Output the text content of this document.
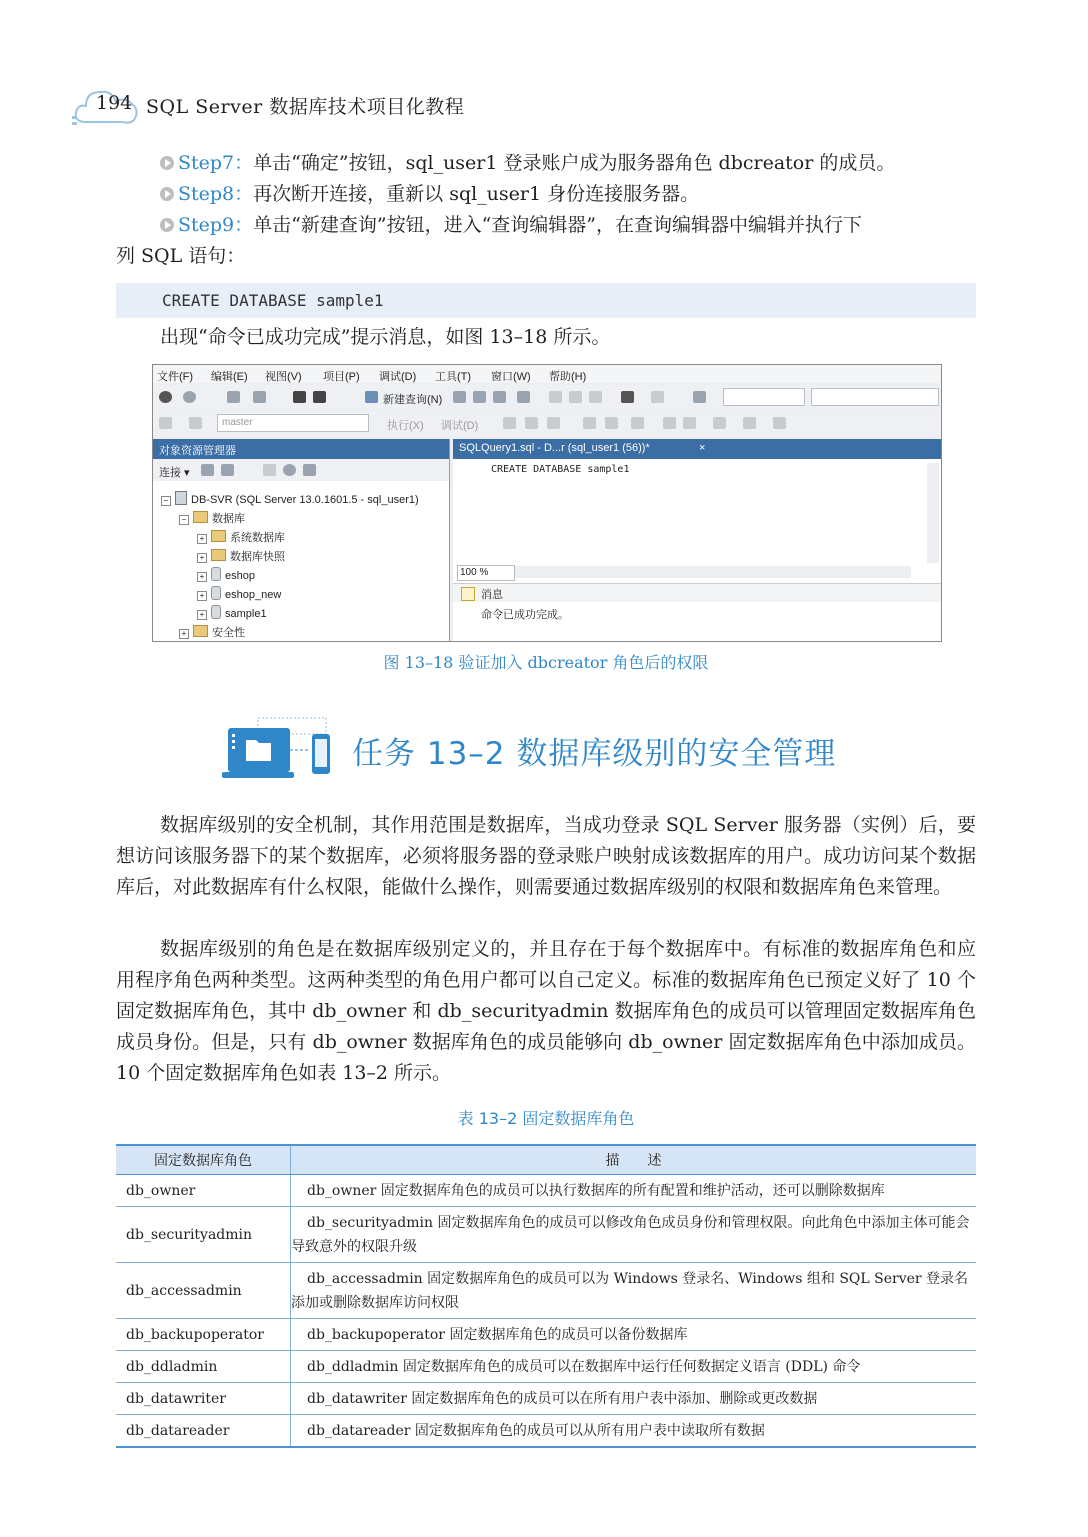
194 SQL Server 数据库技术项目化教程
Step7：单击“确定”按钮，sql_user1 登录账户成为服务器角色 dbcreator 的成员。
Step8：再次断开连接，重新以 sql_user1 身份连接服务器。
Step9：单击“新建查询”按钮，进入“查询编辑器”，在查询编辑器中编辑并执行下
列 SQL 语句：
CREATE DATABASE sample1
出现“命令已成功完成”提示消息，如图 13–18 所示。
文件(F) 编辑(E) 视图(V) 项目(P) 调试(D) 工具(T) 窗口(W) 帮助(H)
新建查询(N)
master	执行(X) 调试(D)
对象资源管理器
连接 ▾
− DB-SVR (SQL Server 13.0.1601.5 - sql_user1)
− 数据库
+ 系统数据库
+ 数据库快照
+ eshop
+ eshop_new
+ sample1
+ 安全性
SQLQuery1.sql - D...r (sql_user1 (56))*	×
CREATE DATABASE sample1
100 %
消息
命令已成功完成。
图 13–18 验证加入 dbcreator 角色后的权限
任务 13–2 数据库级别的安全管理
数据库级别的安全机制，其作用范围是数据库，当成功登录 SQL Server 服务器（实例）后，要想访问该服务器下的某个数据库，必须将服务器的登录账户映射成该数据库的用户。成功访问某个数据库后，对此数据库有什么权限，能做什么操作，则需要通过数据库级别的权限和数据库角色来管理。
数据库级别的角色是在数据库级别定义的，并且存在于每个数据库中。有标准的数据库角色和应用程序角色两种类型。这两种类型的角色用户都可以自己定义。标准的数据库角色已预定义好了 10 个固定数据库角色，其中 db_owner 和 db_securityadmin 数据库角色的成员可以管理固定数据库角色成员身份。但是，只有 db_owner 数据库角色的成员能够向 db_owner 固定数据库角色中添加成员。10 个固定数据库角色如表 13–2 所示。
表 13–2 固定数据库角色
固定数据库角色	描　　述
db_owner	db_owner 固定数据库角色的成员可以执行数据库的所有配置和维护活动，还可以删除数据库
db_securityadmin	db_securityadmin 固定数据库角色的成员可以修改角色成员身份和管理权限。向此角色中添加主体可能会导致意外的权限升级
db_accessadmin	db_accessadmin 固定数据库角色的成员可以为 Windows 登录名、Windows 组和 SQL Server 登录名添加或删除数据库访问权限
db_backupoperator	db_backupoperator 固定数据库角色的成员可以备份数据库
db_ddladmin	db_ddladmin 固定数据库角色的成员可以在数据库中运行任何数据定义语言 (DDL) 命令
db_datawriter	db_datawriter 固定数据库角色的成员可以在所有用户表中添加、删除或更改数据
db_datareader	db_datareader 固定数据库角色的成员可以从所有用户表中读取所有数据
